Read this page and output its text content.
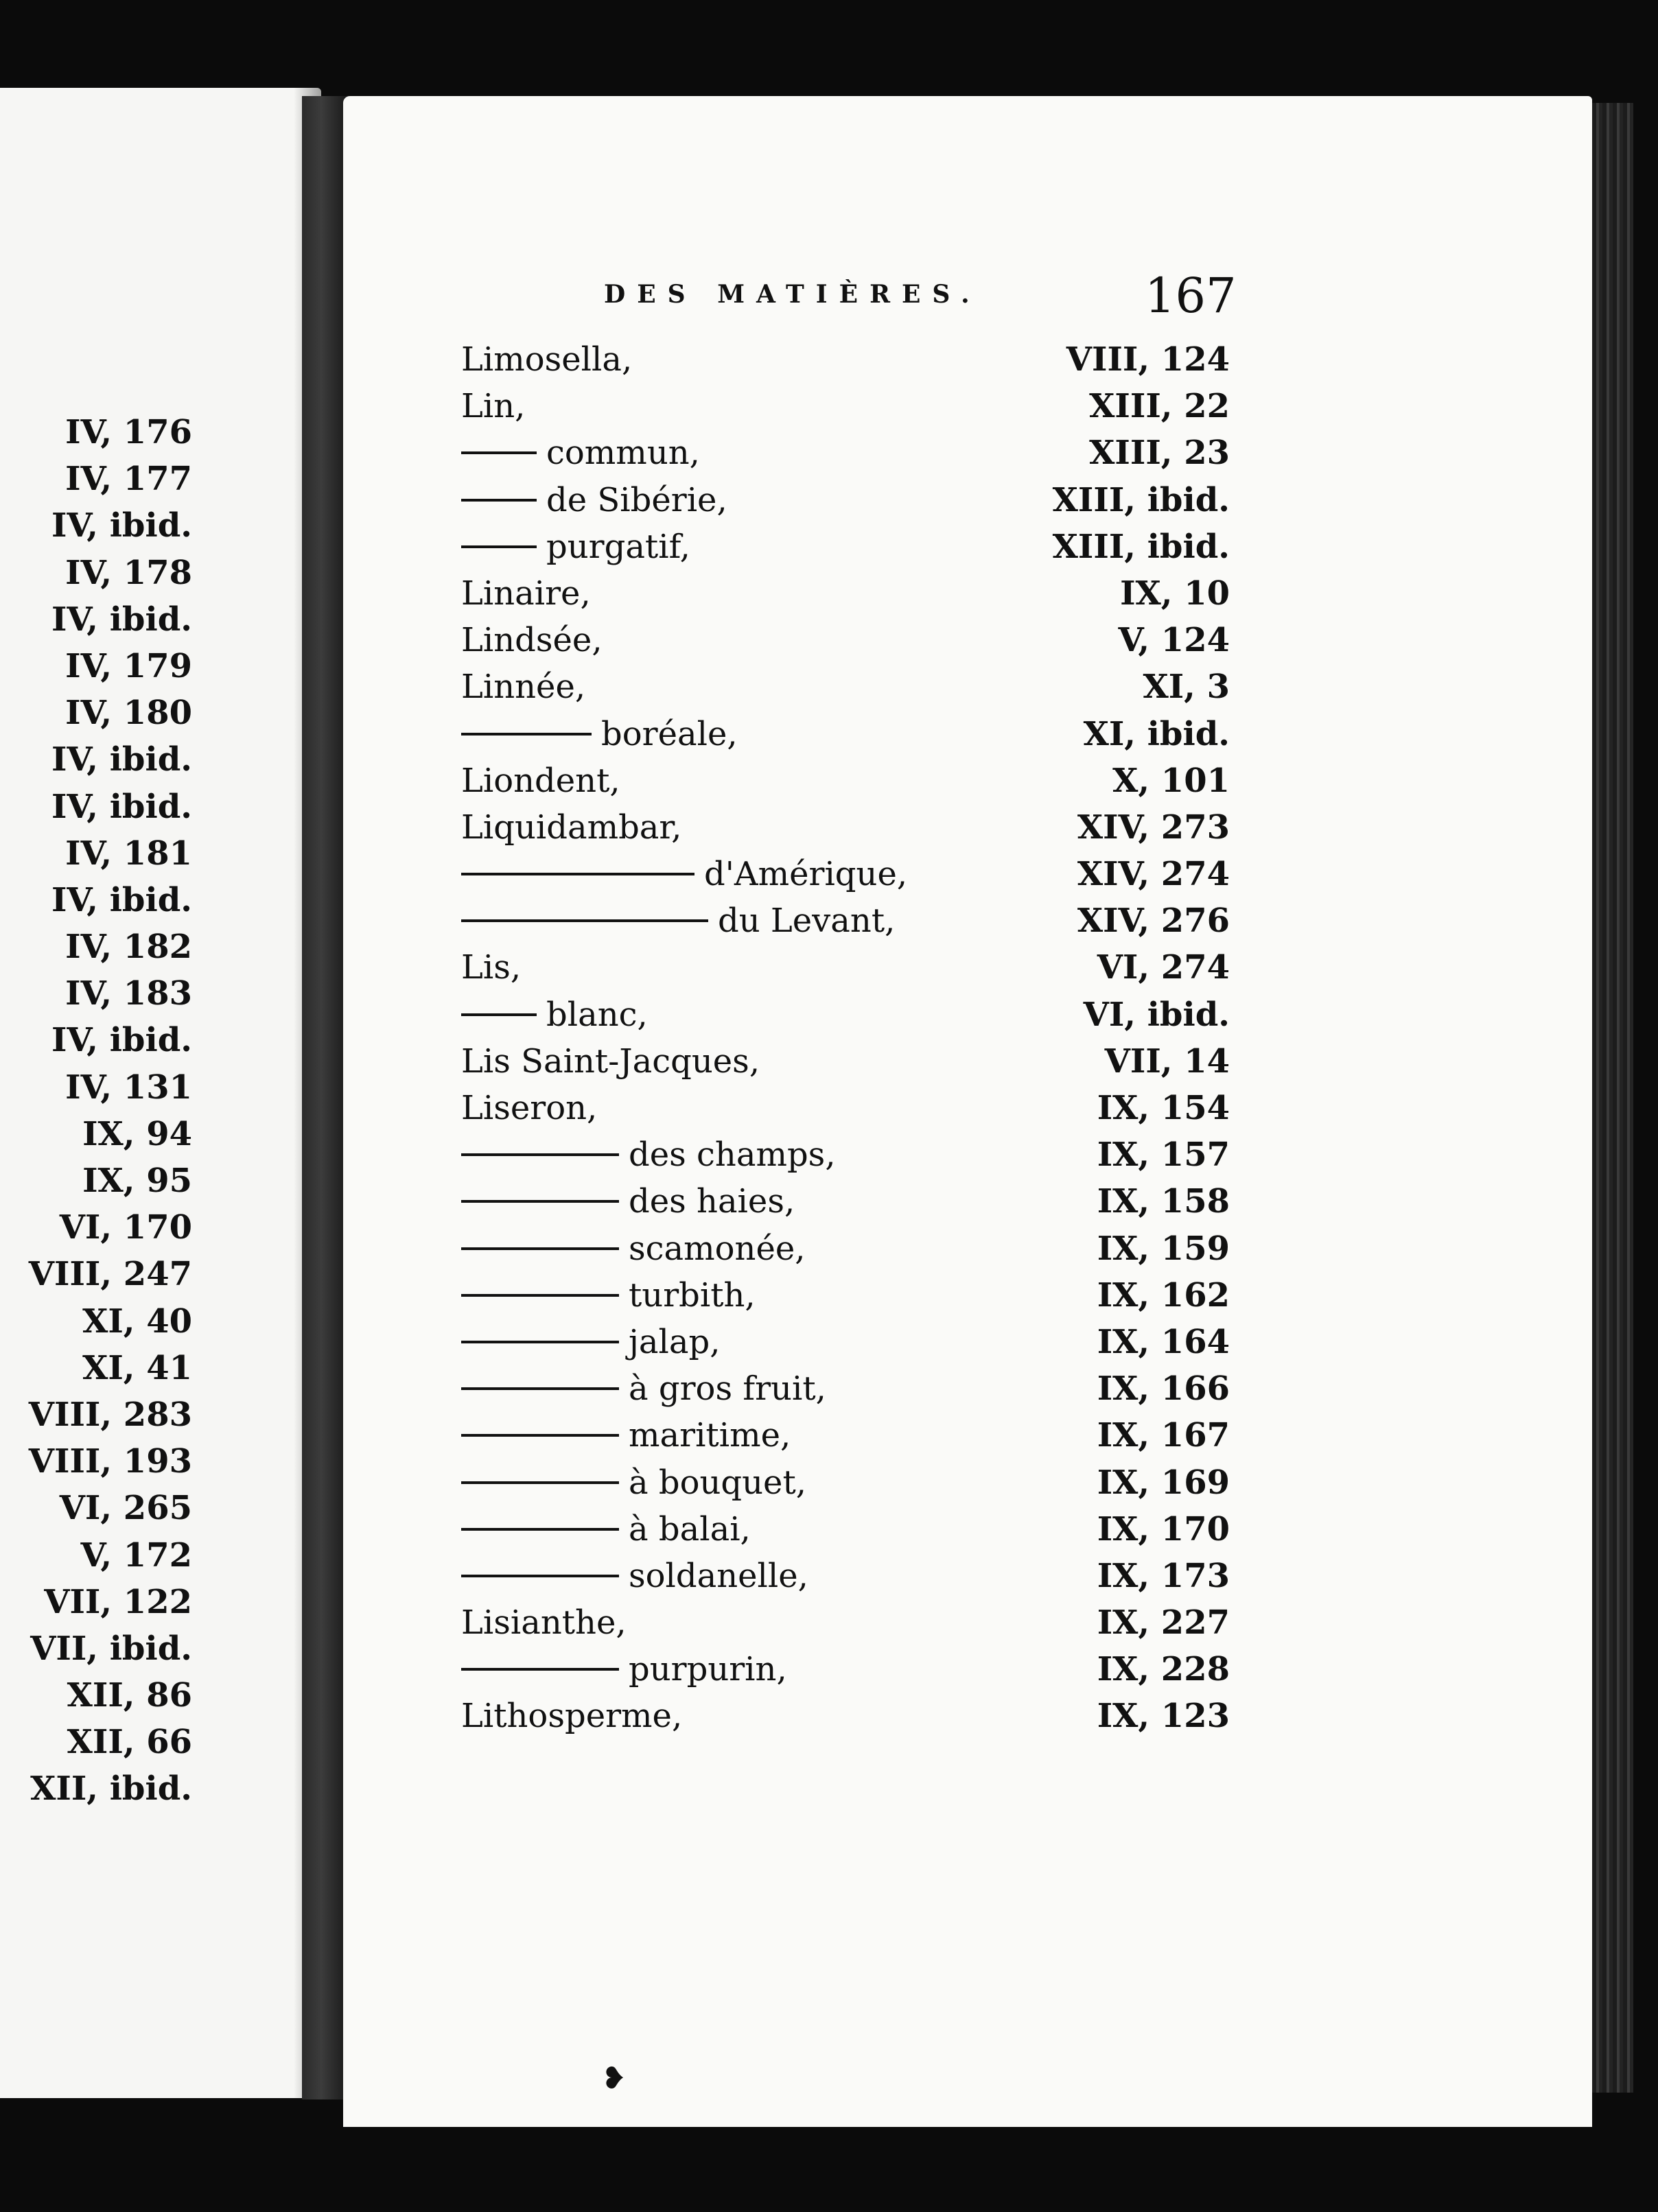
IV, 176
IV, 177
IV, ibid.
IV, 178
IV, ibid.
IV, 179
IV, 180
IV, ibid.
IV, ibid.
IV, 181
IV, ibid.
IV, 182
IV, 183
IV, ibid.
IV, 131
IX, 94
IX, 95
VI, 170
VIII, 247
XI, 40
XI, 41
VIII, 283
VIII, 193
VI, 265
V, 172
VII, 122
VII, ibid.
XII, 86
XII, 66
XII, ibid.
DES MATIÈRES.	167
Limosella,	VIII, 124
Lin,	XIII, 22
commun,	XIII, 23
de Sibérie,	XIII, ibid.
purgatif,	XIII, ibid.
Linaire,	IX, 10
Lindsée,	V, 124
Linnée,	XI, 3
boréale,	XI, ibid.
Liondent,	X, 101
Liquidambar,	XIV, 273
d'Amérique,	XIV, 274
du Levant,	XIV, 276
Lis,	VI, 274
blanc,	VI, ibid.
Lis Saint-Jacques,	VII, 14
Liseron,	IX, 154
des champs,	IX, 157
des haies,	IX, 158
scamonée,	IX, 159
turbith,	IX, 162
jalap,	IX, 164
à gros fruit,	IX, 166
maritime,	IX, 167
à bouquet,	IX, 169
à balai,	IX, 170
soldanelle,	IX, 173
Lisianthe,	IX, 227
purpurin,	IX, 228
Lithosperme,	IX, 123
❥
